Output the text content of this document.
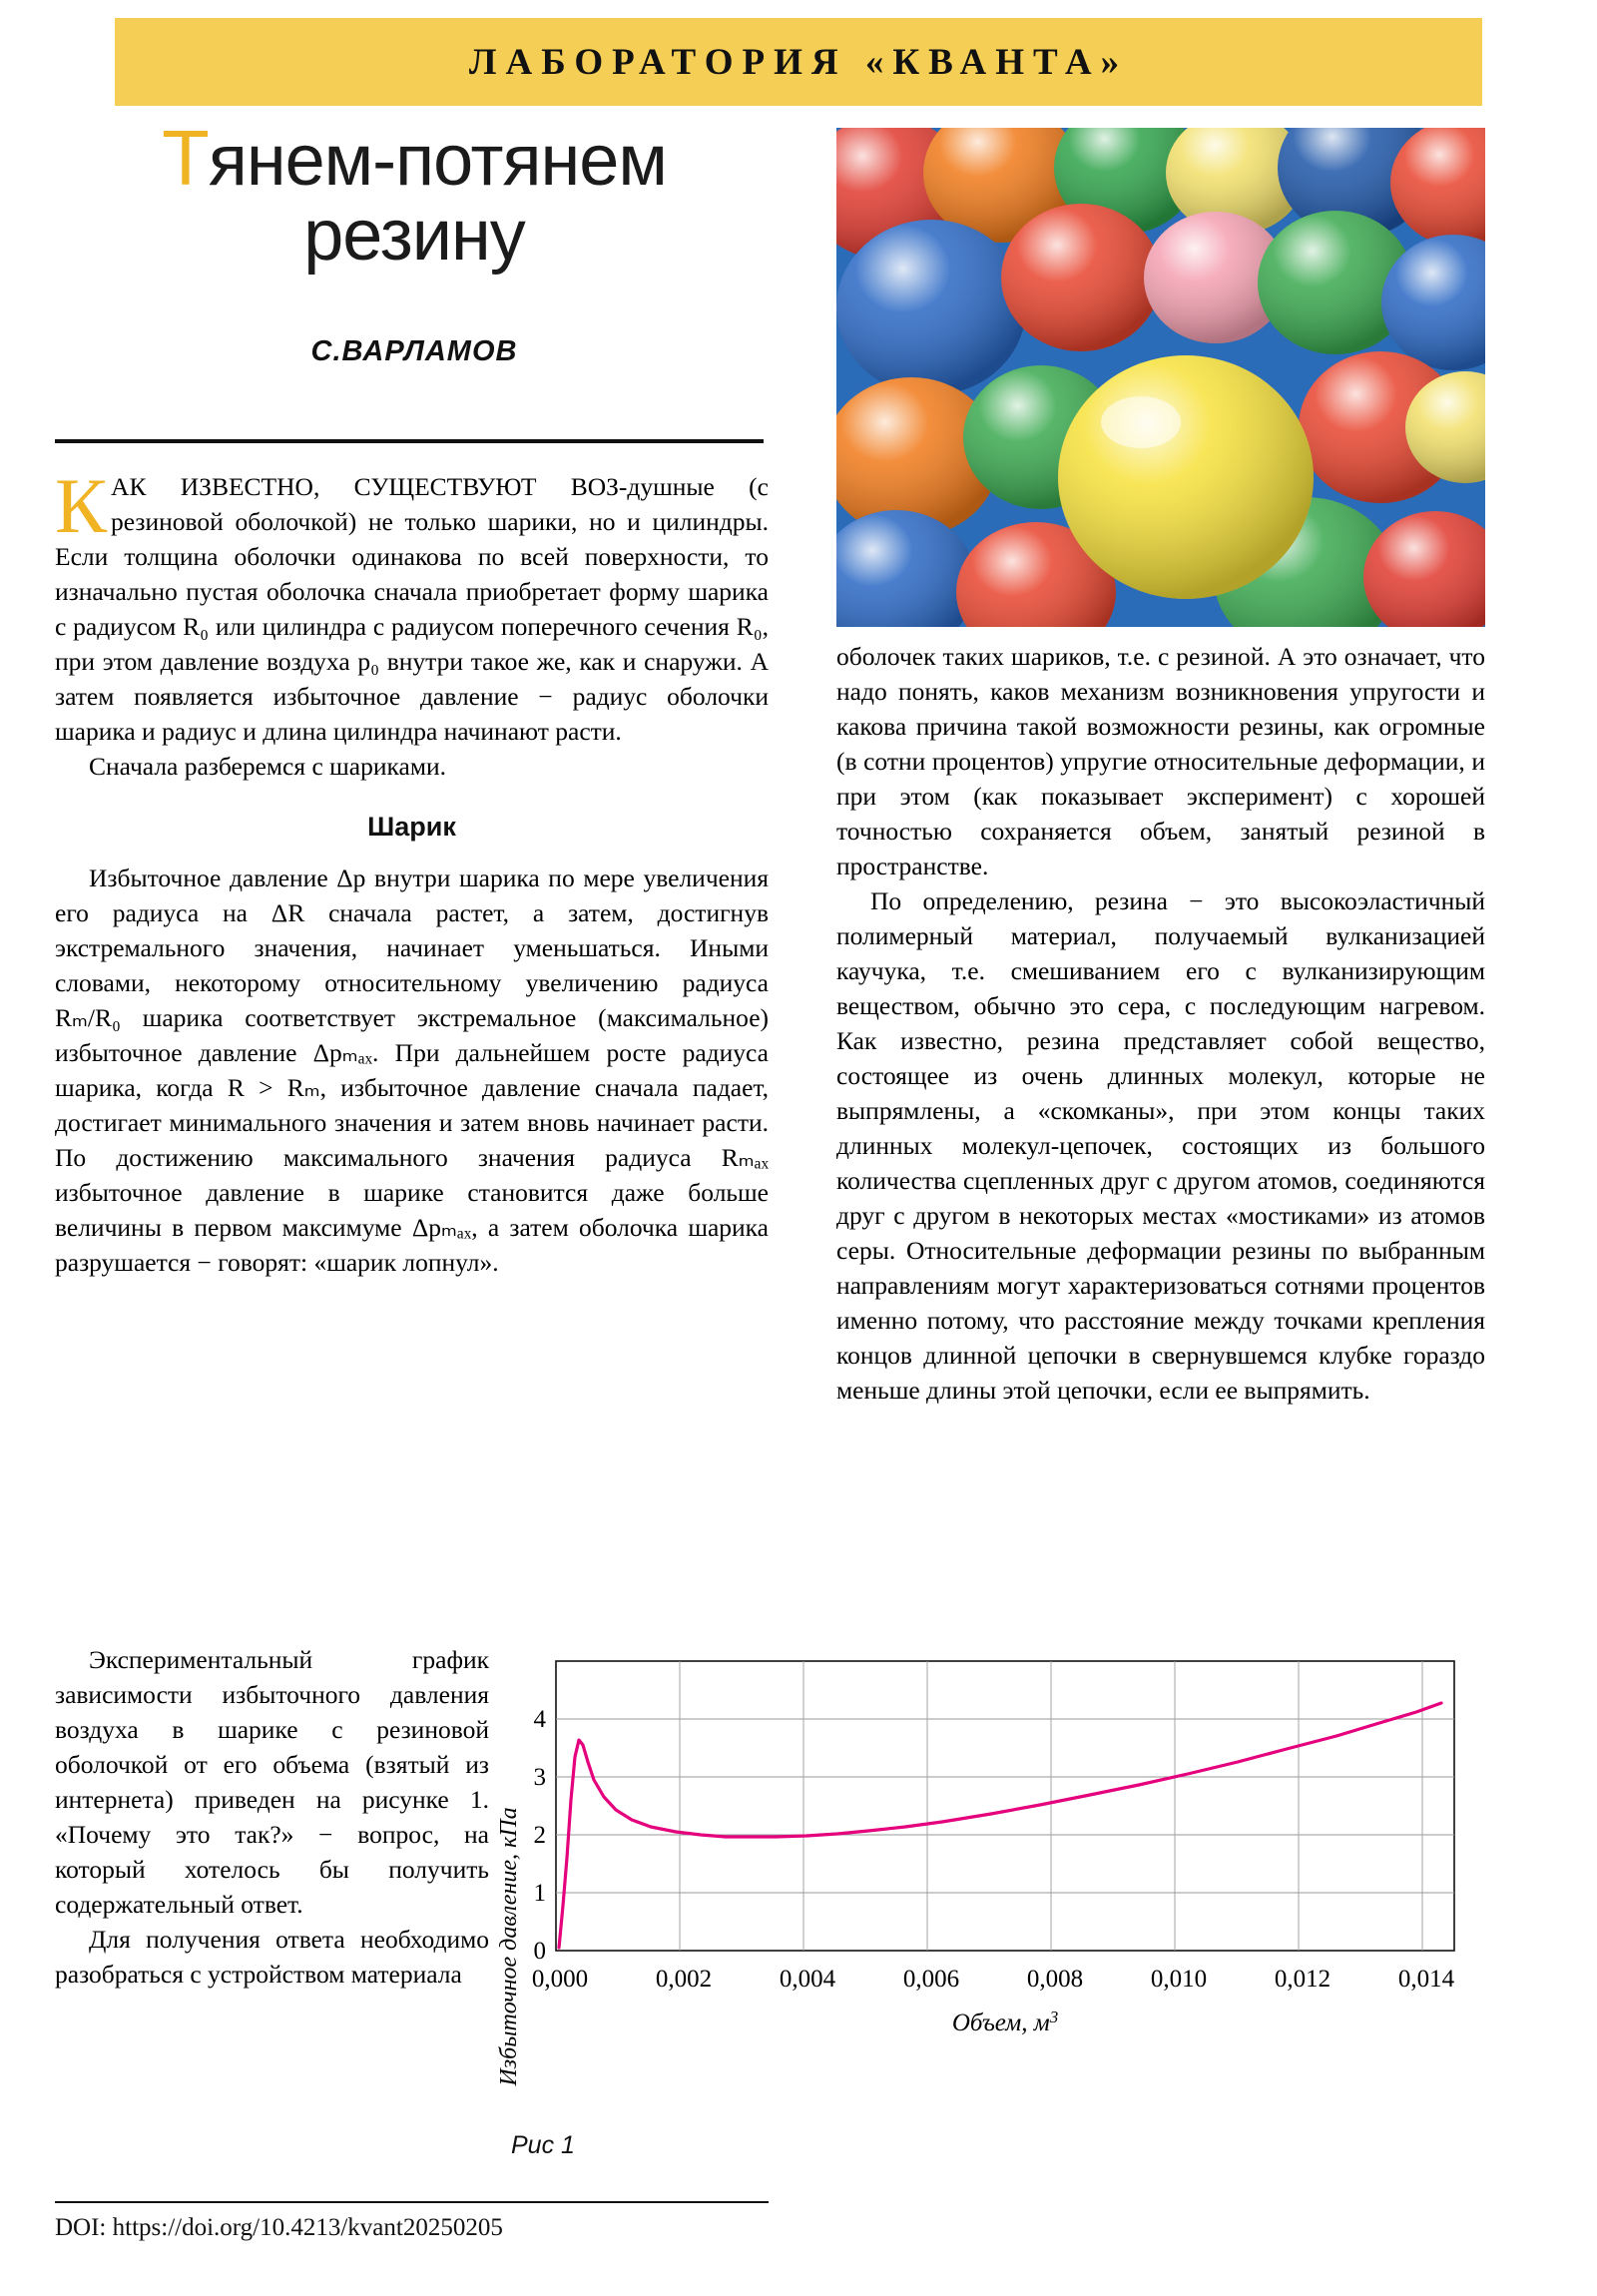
ЛАБОРАТОРИЯ «КВАНТА»
Тянем-потянем
резину
С.ВАРЛАМОВ

КАК ИЗВЕСТНО, СУЩЕСТВУЮТ ВОЗ-душные (с резиновой оболочкой) не только шарики, но и цилиндры. Если толщина оболочки одинакова по всей поверхности, то изначально пустая оболочка сначала приобретает форму шарика с радиусом R₀ или цилиндра с радиусом поперечного сечения R₀, при этом давление воздуха p₀ внутри такое же, как и снаружи. А затем появляется избыточное давление − радиус оболочки шарика и радиус и длина цилиндра начинают расти.

Сначала разберемся с шариками.

Шарик

Избыточное давление Δp внутри шарика по мере увеличения его радиуса на ΔR сначала растет, а затем, достигнув экстремального значения, начинает уменьшаться. Иными словами, некоторому относительному увеличению радиуса Rₘ/R₀ шарика соответствует экстремальное (максимальное) избыточное давление Δpₘₐₓ. При дальнейшем росте радиуса шарика, когда R > Rₘ, избыточное давление сначала падает, достигает минимального значения и затем вновь начинает расти. По достижению максимального значения радиуса Rₘₐₓ избыточное давление в шарике становится даже больше величины в первом максимуме Δpₘₐₓ, а затем оболочка шарика разрушается − говорят: «шарик лопнул».

оболочек таких шариков, т.е. с резиной. А это означает, что надо понять, каков механизм возникновения упругости и какова причина такой возможности резины, как огромные (в сотни процентов) упругие относительные деформации, и при этом (как показывает эксперимент) с хорошей точностью сохраняется объем, занятый резиной в пространстве.

По определению, резина − это высокоэластичный полимерный материал, получаемый вулканизацией каучука, т.е. смешиванием его с вулканизирующим веществом, обычно это сера, с последующим нагревом. Как известно, резина представляет собой вещество, состоящее из очень длинных молекул, которые не выпрямлены, а «скомканы», при этом концы таких длинных молекул-цепочек, состоящих из большого количества сцепленных друг с другом атомов, соединяются друг с другом в некоторых местах «мостиками» из атомов серы. Относительные деформации резины по выбранным направлениям могут характеризоваться сотнями процентов именно потому, что расстояние между точками крепления концов длинной цепочки в свернувшемся клубке гораздо меньше длины этой цепочки, если ее выпрямить.

Экспериментальный график зависимости избыточного давления воздуха в шарике с резиновой оболочкой от его объема (взятый из интернета) приведен на рисунке 1. «Почему это так?» − вопрос, на который хотелось бы получить содержательный ответ.

Для получения ответа необходимо разобраться с устройством материала	Избыточное давление, кПа 0
1
2
3
4
0,000	0,002	0,004	0,006	0,008	0,010	0,012	0,014
Объем, $м^3$
Рис 1
DOI: https://doi.org/10.4213/kvant20250205
